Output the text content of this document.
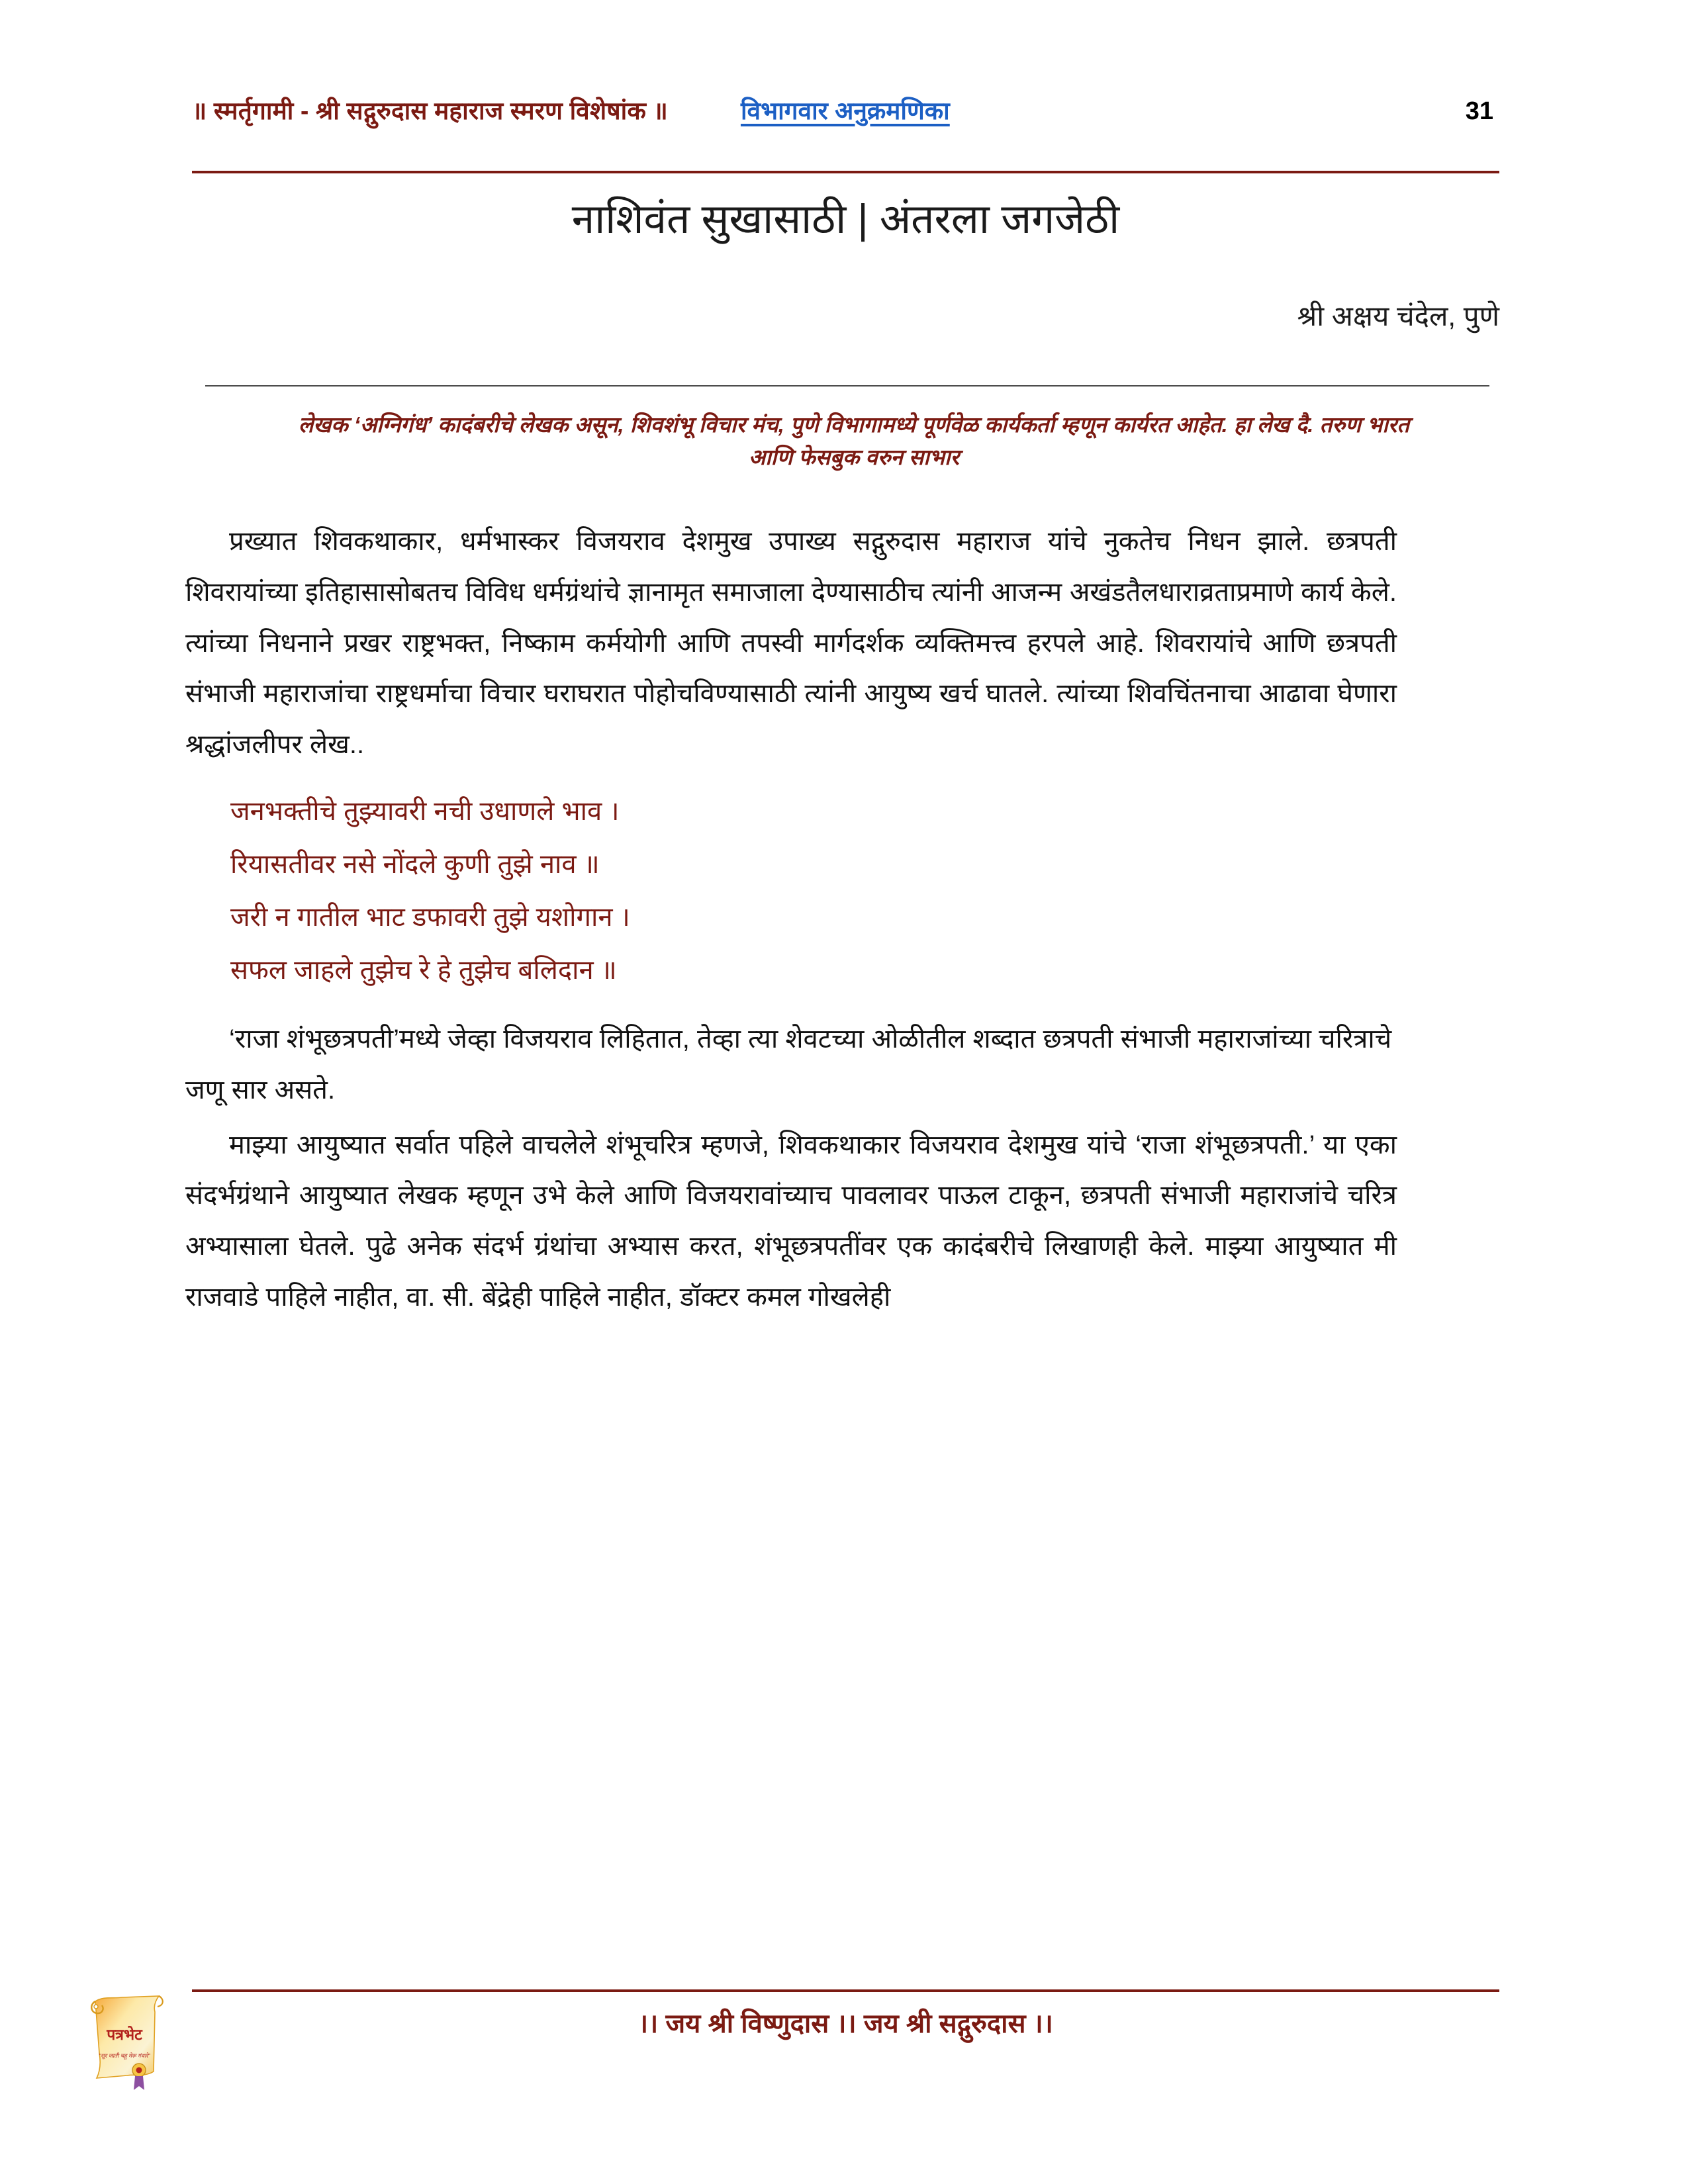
॥ स्मर्तृगामी - श्री सद्गुरुदास महाराज स्मरण विशेषांक ॥	विभागवार अनुक्रमणिका	31
नाशिवंत सुखासाठी | अंतरला जगजेठी
श्री अक्षय चंदेल, पुणे
लेखक ‘अग्निगंध’ कादंबरीचे लेखक असून, शिवशंभू विचार मंच, पुणे विभागामध्ये पूर्णवेळ कार्यकर्ता म्हणून कार्यरत आहेत. हा लेख दै. तरुण भारत आणि फेसबुक वरुन साभार

प्रख्यात शिवकथाकार, धर्मभास्कर विजयराव देशमुख उपाख्य सद्गुरुदास महाराज यांचे नुकतेच निधन झाले. छत्रपती शिवरायांच्या इतिहासासोबतच विविध धर्मग्रंथांचे ज्ञानामृत समाजाला देण्यासाठीच त्यांनी आजन्म अखंडतैलधाराव्रताप्रमाणे कार्य केले. त्यांच्या निधनाने प्रखर राष्ट्रभक्त, निष्काम कर्मयोगी आणि तपस्वी मार्गदर्शक व्यक्तिमत्त्व हरपले आहे. शिवरायांचे आणि छत्रपती संभाजी महाराजांचा राष्ट्रधर्माचा विचार घराघरात पोहोचविण्यासाठी त्यांनी आयुष्य खर्च घातले. त्यांच्या शिवचिंतनाचा आढावा घेणारा श्रद्धांजलीपर लेख..

जनभक्तीचे तुझ्यावरी नची उधाणले भाव ।
रियासतीवर नसे नोंदले कुणी तुझे नाव ॥
जरी न गातील भाट डफावरी तुझे यशोगान ।
सफल जाहले तुझेच रे हे तुझेच बलिदान ॥

‘राजा शंभूछत्रपती’मध्ये जेव्हा विजयराव लिहितात, तेव्हा त्या शेवटच्या ओळीतील शब्दात छत्रपती संभाजी महाराजांच्या चरित्राचे जणू सार असते.

माझ्या आयुष्यात सर्वात पहिले वाचलेले शंभूचरित्र म्हणजे, शिवकथाकार विजयराव देशमुख यांचे ‘राजा शंभूछत्रपती.’ या एका संदर्भग्रंथाने आयुष्यात लेखक म्हणून उभे केले आणि विजयरावांच्याच पावलावर पाऊल टाकून, छत्रपती संभाजी महाराजांचे चरित्र अभ्यासाला घेतले. पुढे अनेक संदर्भ ग्रंथांचा अभ्यास करत, शंभूछत्रपतींवर एक कादंबरीचे लिखाणही केले. माझ्या आयुष्यात मी राजवाडे पाहिले नाहीत, वा. सी. बेंद्रेही पाहिले नाहीत, डॉक्टर कमल गोखलेही

।। जय श्री विष्णुदास ।। जय श्री सद्गुरुदास ।।
पत्रभेट
"सूर जाती चहू मेरू गंधारे"
